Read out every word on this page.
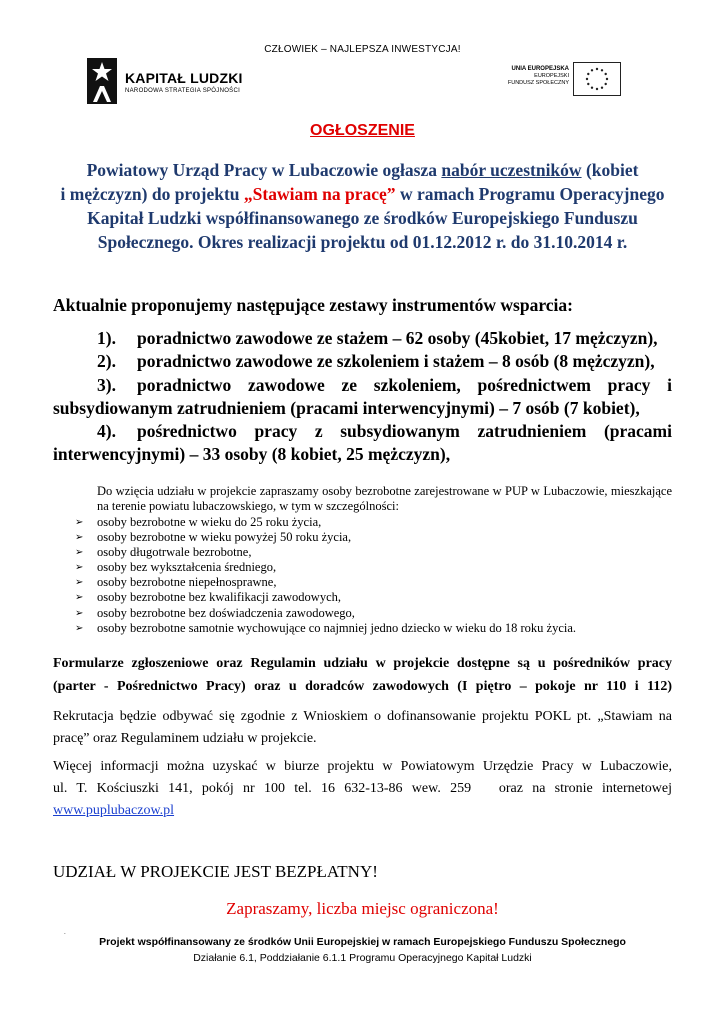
CZŁOWIEK – NAJLEPSZA INWESTYCJA!
KAPITAŁ LUDZKI
NARODOWA STRATEGIA SPÓJNOŚCI
UNIA EUROPEJSKA
EUROPEJSKI
FUNDUSZ SPOŁECZNY
OGŁOSZENIE
Powiatowy Urząd Pracy w Lubaczowie ogłasza nabór uczestników (kobiet
i mężczyzn) do projektu „Stawiam na pracę” w ramach Programu Operacyjnego
Kapitał Ludzki współfinansowanego ze środków Europejskiego Funduszu
Społecznego. Okres realizacji projektu od 01.12.2012 r. do 31.10.2014 r.
Aktualnie proponujemy następujące zestawy instrumentów wsparcia:
1). poradnictwo zawodowe ze stażem – 62 osoby (45kobiet, 17 mężczyzn),
2). poradnictwo zawodowe ze szkoleniem i stażem – 8 osób (8 mężczyzn),
3). poradnictwo zawodowe ze szkoleniem, pośrednictwem pracy i
subsydiowanym zatrudnieniem (pracami interwencyjnymi) – 7 osób (7 kobiet),
4). pośrednictwo pracy z subsydiowanym zatrudnieniem (pracami
interwencyjnymi) – 33 osoby (8 kobiet, 25 mężczyzn),
Do wzięcia udziału w projekcie zapraszamy osoby bezrobotne zarejestrowane w PUP w Lubaczowie, mieszkające na terenie powiatu lubaczowskiego, w tym w szczególności:
➢	osoby bezrobotne w wieku do 25 roku życia,
➢	osoby bezrobotne w wieku powyżej 50 roku życia,
➢	osoby długotrwale bezrobotne,
➢	osoby bez wykształcenia średniego,
➢	osoby bezrobotne niepełnosprawne,
➢	osoby bezrobotne bez kwalifikacji zawodowych,
➢	osoby bezrobotne bez doświadczenia zawodowego,
➢	osoby bezrobotne samotnie wychowujące co najmniej jedno dziecko w wieku do 18 roku życia.
Formularze zgłoszeniowe oraz Regulamin udziału w projekcie dostępne są u pośredników pracy
(parter - Pośrednictwo Pracy) oraz u doradców zawodowych (I piętro – pokoje nr 110 i 112)
Rekrutacja będzie odbywać się zgodnie z Wnioskiem o dofinansowanie projektu POKL pt. „Stawiam na pracę” oraz Regulaminem udziału w projekcie.
Więcej informacji można uzyskać w biurze projektu w Powiatowym Urzędzie Pracy w Lubaczowie,
ul. T. Kościuszki 141, pokój nr 100 tel. 16 632-13-86 wew. 259   oraz na stronie internetowej
www.puplubaczow.pl
UDZIAŁ W PROJEKCIE JEST BEZPŁATNY!
Zapraszamy, liczba miejsc ograniczona!
.
Projekt współfinansowany ze środków Unii Europejskiej w ramach Europejskiego Funduszu Społecznego
Działanie 6.1, Poddziałanie 6.1.1 Programu Operacyjnego Kapitał Ludzki
